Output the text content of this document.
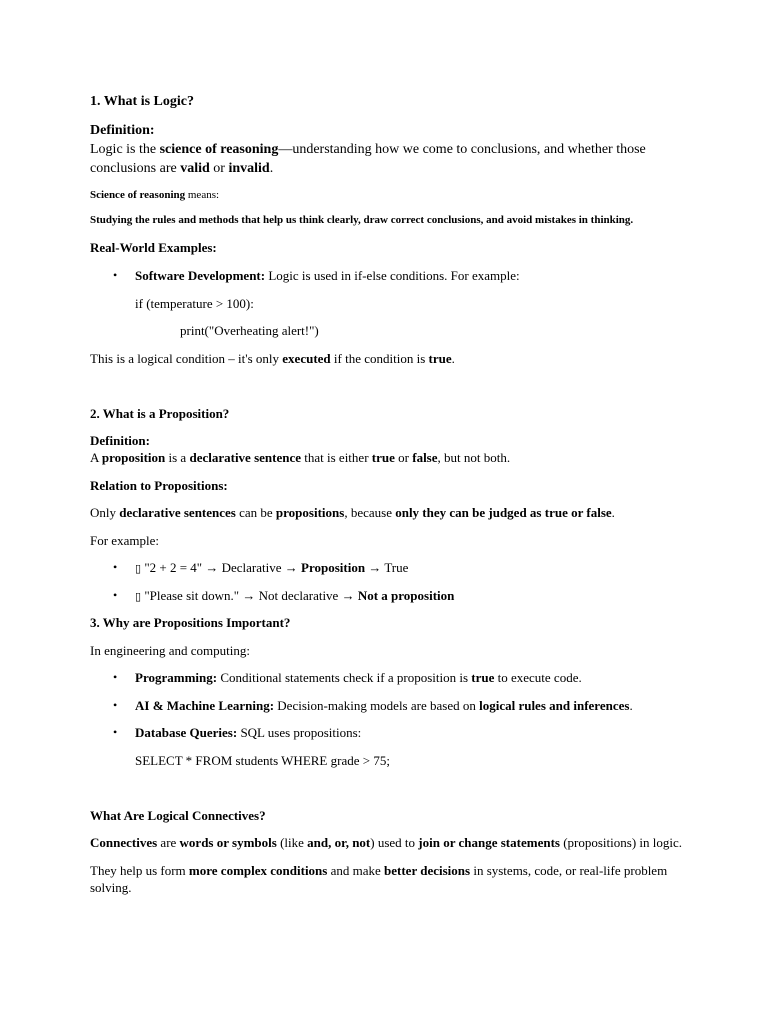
1. What is Logic?
Definition:
Logic is the science of reasoning—understanding how we come to conclusions, and whether those conclusions are valid or invalid.
Science of reasoning means:
Studying the rules and methods that help us think clearly, draw correct conclusions, and avoid mistakes in thinking.
Real-World Examples:
• Software Development: Logic is used in if-else conditions. For example:
if (temperature > 100):
print("Overheating alert!")
This is a logical condition – it's only executed if the condition is true.
2. What is a Proposition?
Definition:
A proposition is a declarative sentence that is either true or false, but not both.
Relation to Propositions:
Only declarative sentences can be propositions, because only they can be judged as true or false.
For example:
• ▯ "2 + 2 = 4" → Declarative → Proposition → True
• ▯ "Please sit down." → Not declarative → Not a proposition
3. Why are Propositions Important?
In engineering and computing:
• Programming: Conditional statements check if a proposition is true to execute code.
• AI & Machine Learning: Decision-making models are based on logical rules and inferences.
• Database Queries: SQL uses propositions:
SELECT * FROM students WHERE grade > 75;
What Are Logical Connectives?
Connectives are words or symbols (like and, or, not) used to join or change statements (propositions) in logic.
They help us form more complex conditions and make better decisions in systems, code, or real-life problem solving.
